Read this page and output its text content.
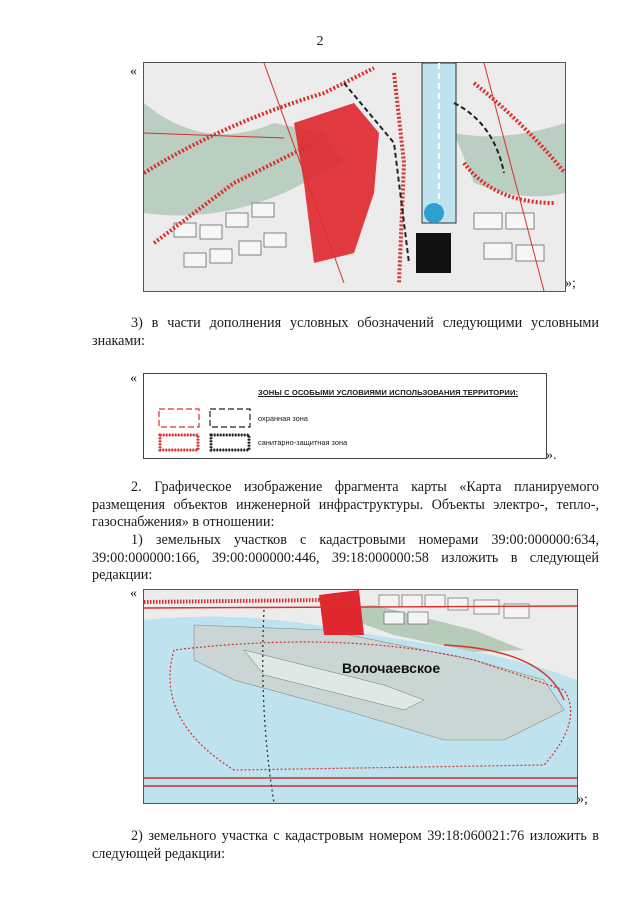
2
«
»;
3) в части дополнения условных обозначений следующими условными знаками:
«
ЗОНЫ С ОСОБЫМИ УСЛОВИЯМИ ИСПОЛЬЗОВАНИЯ ТЕРРИТОРИИ:
охранная зона
санитарно-защитная зона
».
2. Графическое изображение фрагмента карты «Карта планируемого размещения объектов инженерной инфраструктуры. Объекты электро-, тепло-, газоснабжения» в отношении:
1) земельных участков с кадастровыми номерами 39:00:000000:634, 39:00:000000:166, 39:00:000000:446, 39:18:000000:58 изложить в следующей редакции:
«
Волочаевское
»;
2) земельного участка с кадастровым номером 39:18:060021:76 изложить в следующей редакции:
